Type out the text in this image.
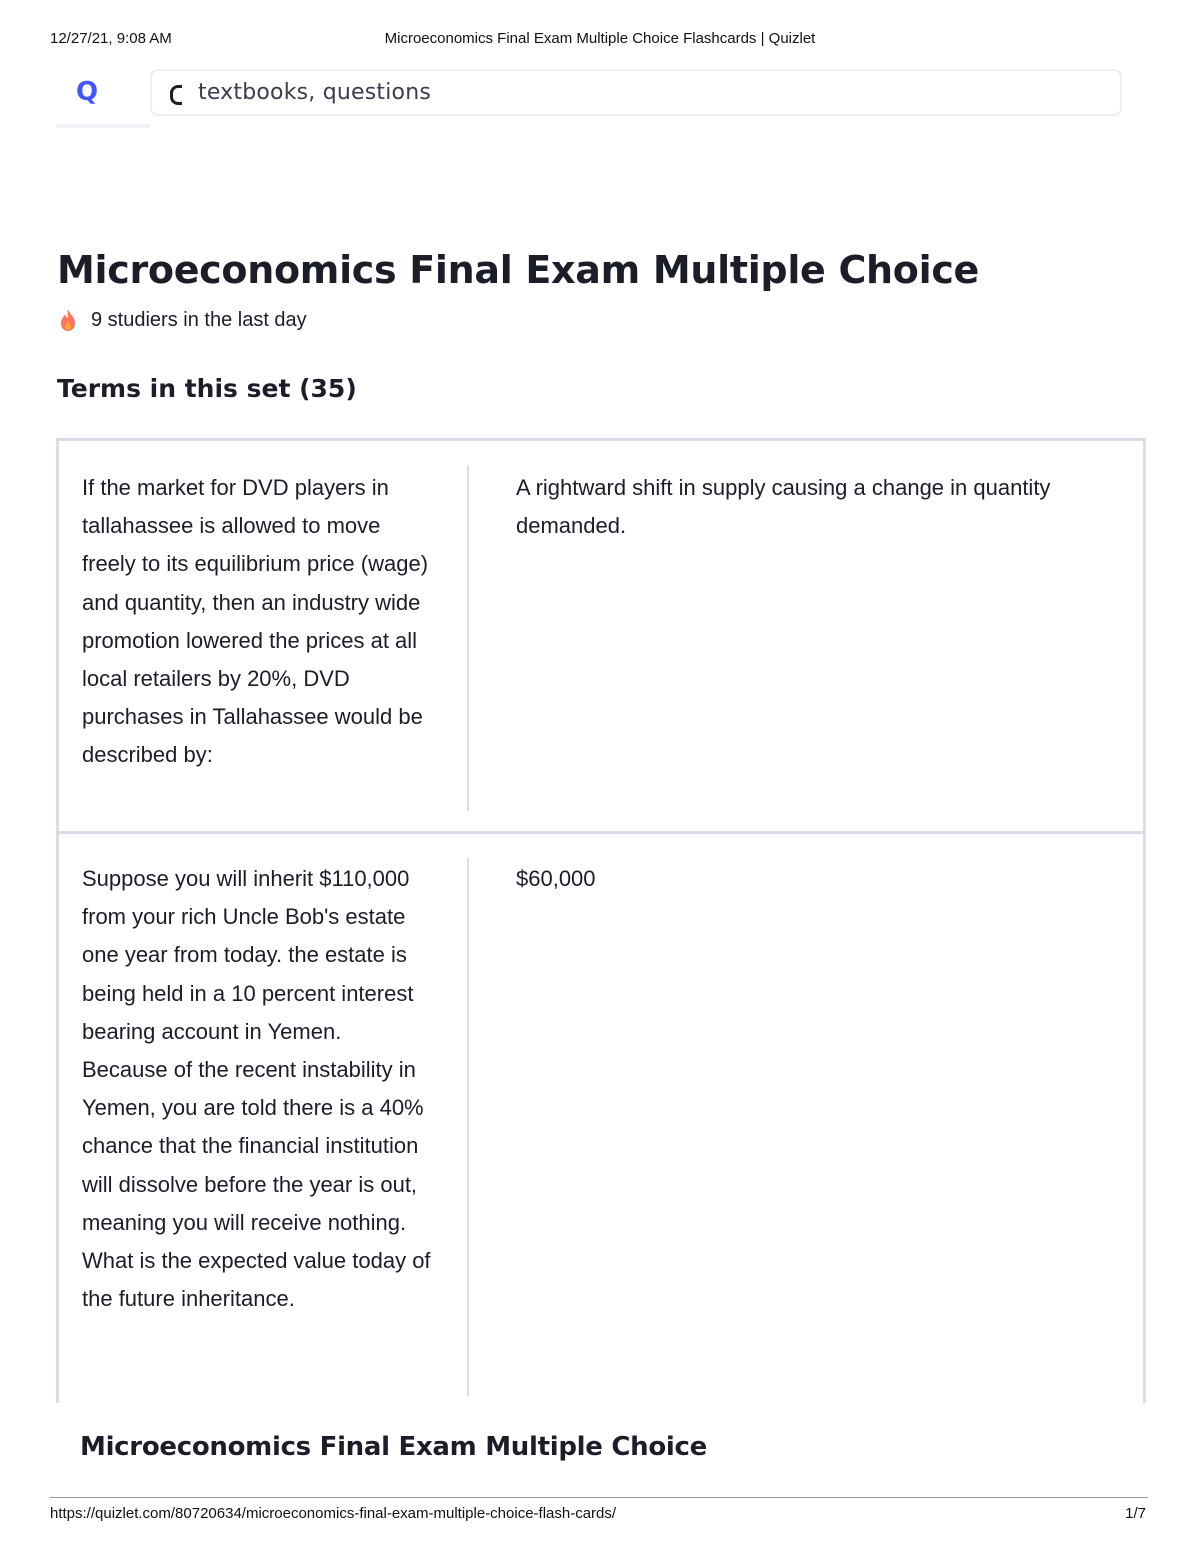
12/27/21, 9:08 AM	Microeconomics Final Exam Multiple Choice Flashcards | Quizlet
Q	textbooks, questions
Microeconomics Final Exam Multiple Choice
9 studiers in the last day
Terms in this set (35)
If the market for DVD players in tallahassee is allowed to move freely to its equilibrium price (wage) and quantity, then an industry wide promotion lowered the prices at all local retailers by 20%, DVD purchases in Tallahassee would be described by:
A rightward shift in supply causing a change in quantity demanded.
Suppose you will inherit $110,000 from your rich Uncle Bob's estate one year from today. the estate is being held in a 10 percent interest bearing account in Yemen. Because of the recent instability in Yemen, you are told there is a 40% chance that the financial institution will dissolve before the year is out, meaning you will receive nothing. What is the expected value today of the future inheritance.
$60,000
Microeconomics Final Exam Multiple Choice
https://quizlet.com/80720634/microeconomics-final-exam-multiple-choice-flash-cards/	1/7
